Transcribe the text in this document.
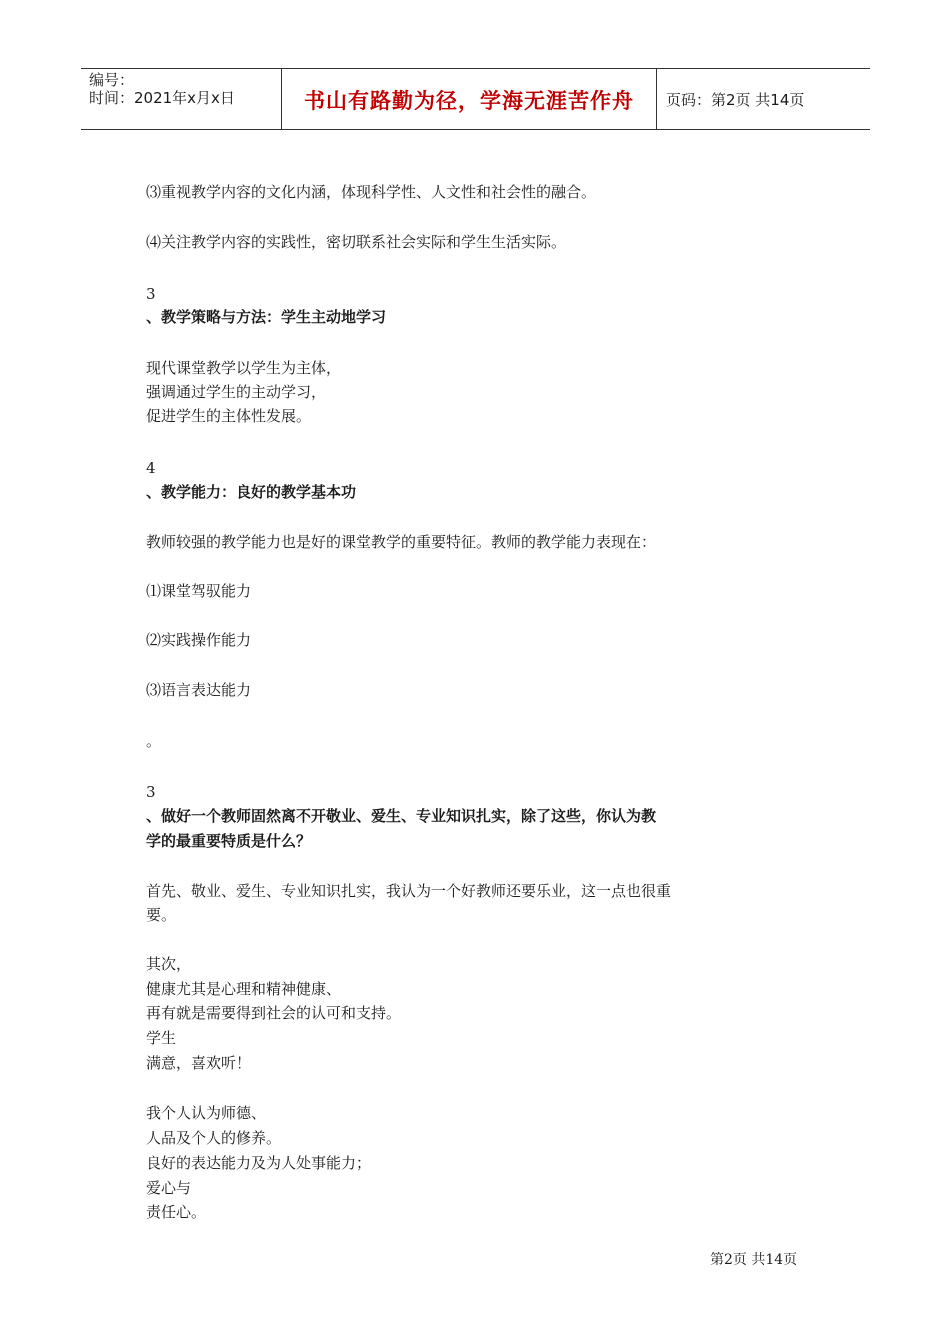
编号：
时间：2021年x月x日	书山有路勤为径，学海无涯苦作舟	页码：第2页 共14页
⑶重视教学内容的文化内涵，体现科学性、人文性和社会性的融合。
⑷关注教学内容的实践性，密切联系社会实际和学生生活实际。
3
、教学策略与方法：学生主动地学习
现代课堂教学以学生为主体，
强调通过学生的主动学习，
促进学生的主体性发展。
4
、教学能力：良好的教学基本功
教师较强的教学能力也是好的课堂教学的重要特征。教师的教学能力表现在：
⑴课堂驾驭能力
⑵实践操作能力
⑶语言表达能力
。
3
、做好一个教师固然离不开敬业、爱生、专业知识扎实，除了这些，你认为教
学的最重要特质是什么？
首先、敬业、爱生、专业知识扎实，我认为一个好教师还要乐业，这一点也很重
要。
其次，
健康尤其是心理和精神健康、
再有就是需要得到社会的认可和支持。
学生
满意，喜欢听！
我个人认为师德、
人品及个人的修养。
良好的表达能力及为人处事能力；
爱心与
责任心。
第2页 共14页
